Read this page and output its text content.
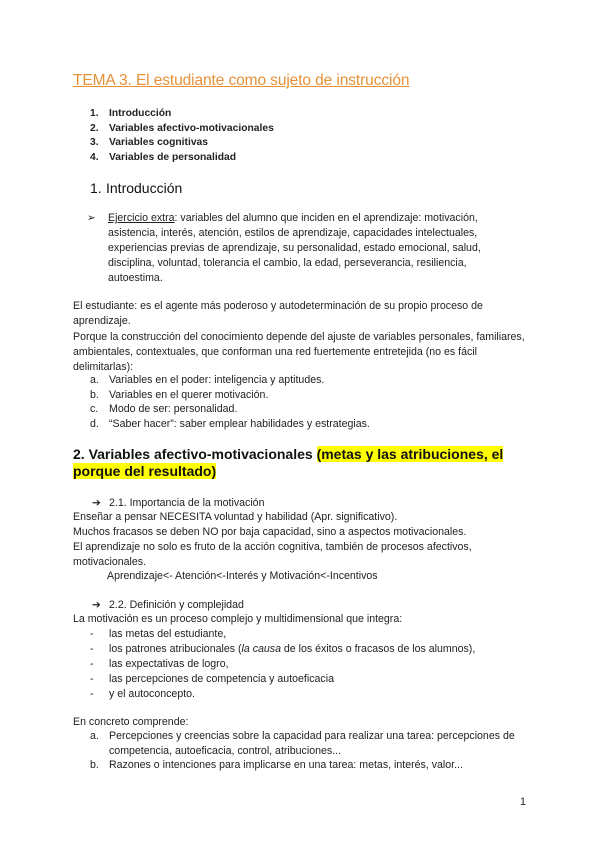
TEMA 3. El estudiante como sujeto de instrucción
1. Introducción
2. Variables afectivo-motivacionales
3. Variables cognitivas
4. Variables de personalidad
1. Introducción
➢ Ejercicio extra: variables del alumno que inciden en el aprendizaje: motivación, asistencia, interés, atención, estilos de aprendizaje, capacidades intelectuales, experiencias previas de aprendizaje, su personalidad, estado emocional, salud, disciplina, voluntad, tolerancia el cambio, la edad, perseverancia, resiliencia, autoestima.

El estudiante: es el agente más poderoso y autodeterminación de su propio proceso de aprendizaje.

Porque la construcción del conocimiento depende del ajuste de variables personales, familiares, ambientales, contextuales, que conforman una red fuertemente entretejida (no es fácil delimitarlas):

a. Variables en el poder: inteligencia y aptitudes.
b. Variables en el querer motivación.
c. Modo de ser: personalidad.
d. “Saber hacer”: saber emplear habilidades y estrategias.
2. Variables afectivo-motivacionales (metas y las atribuciones, el porque del resultado)
➔ 2.1. Importancia de la motivación

Enseñar a pensar NECESITA voluntad y habilidad (Apr. significativo).

Muchos fracasos se deben NO por baja capacidad, sino a aspectos motivacionales.

El aprendizaje no solo es fruto de la acción cognitiva, también de procesos afectivos, motivacionales.

Aprendizaje<- Atención<-Interés y Motivación<-Incentivos
➔ 2.2. Definición y complejidad

La motivación es un proceso complejo y multidimensional que integra:

- las metas del estudiante,
- los patrones atribucionales (la causa de los éxitos o fracasos de los alumnos),
- las expectativas de logro,
- las percepciones de competencia y autoeficacia
- y el autoconcepto.

En concreto comprende:

a. Percepciones y creencias sobre la capacidad para realizar una tarea: percepciones de competencia, autoeficacia, control, atribuciones...
b. Razones o intenciones para implicarse en una tarea: metas, interés, valor...
1
